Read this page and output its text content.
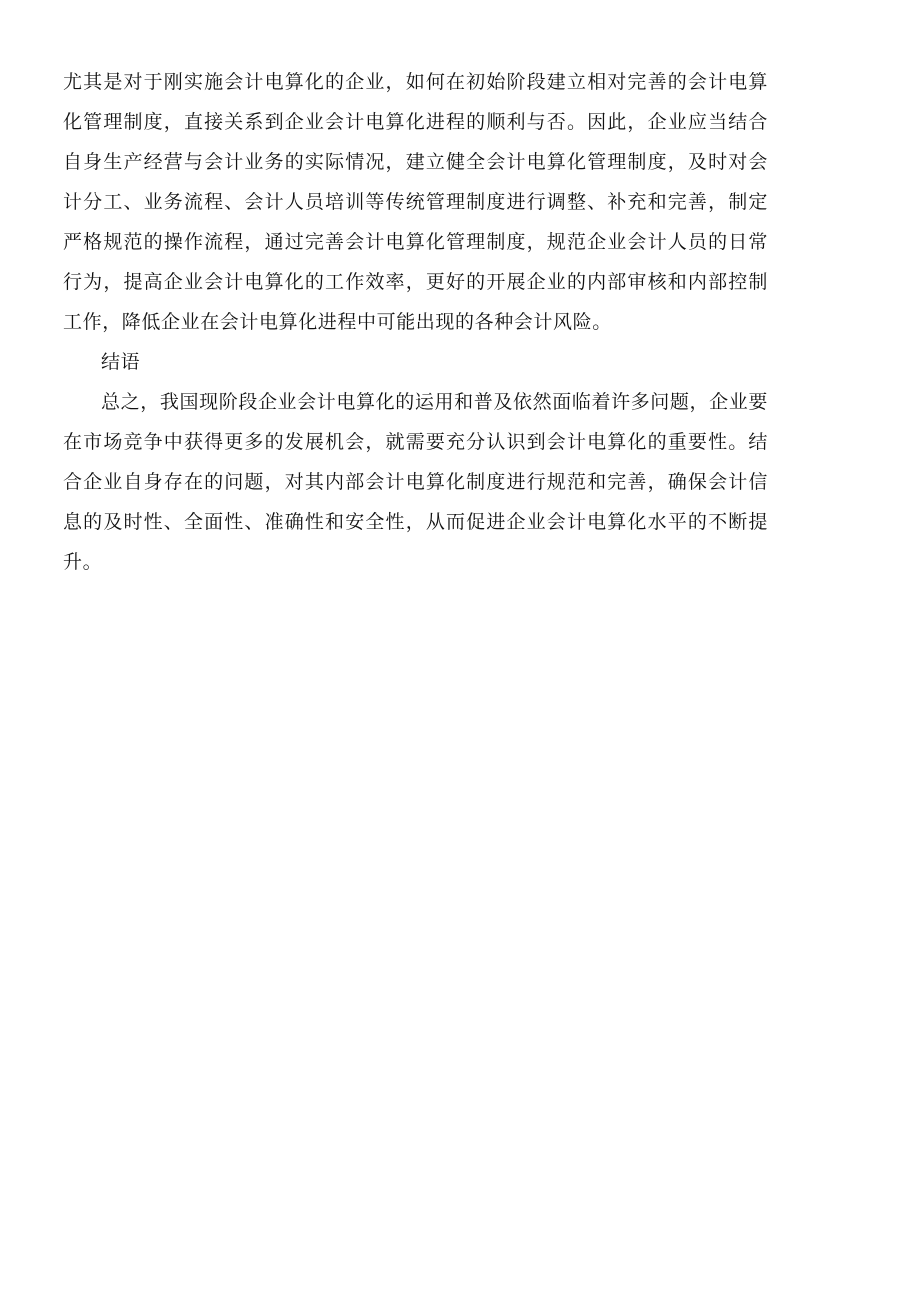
尤其是对于刚实施会计电算化的企业，如何在初始阶段建立相对完善的会计电算化管理制度，直接关系到企业会计电算化进程的顺利与否。因此，企业应当结合自身生产经营与会计业务的实际情况，建立健全会计电算化管理制度，及时对会计分工、业务流程、会计人员培训等传统管理制度进行调整、补充和完善，制定严格规范的操作流程，通过完善会计电算化管理制度，规范企业会计人员的日常行为，提高企业会计电算化的工作效率，更好的开展企业的内部审核和内部控制工作，降低企业在会计电算化进程中可能出现的各种会计风险。

结语

总之，我国现阶段企业会计电算化的运用和普及依然面临着许多问题，企业要在市场竞争中获得更多的发展机会，就需要充分认识到会计电算化的重要性。结合企业自身存在的问题，对其内部会计电算化制度进行规范和完善，确保会计信息的及时性、全面性、准确性和安全性，从而促进企业会计电算化水平的不断提升。
